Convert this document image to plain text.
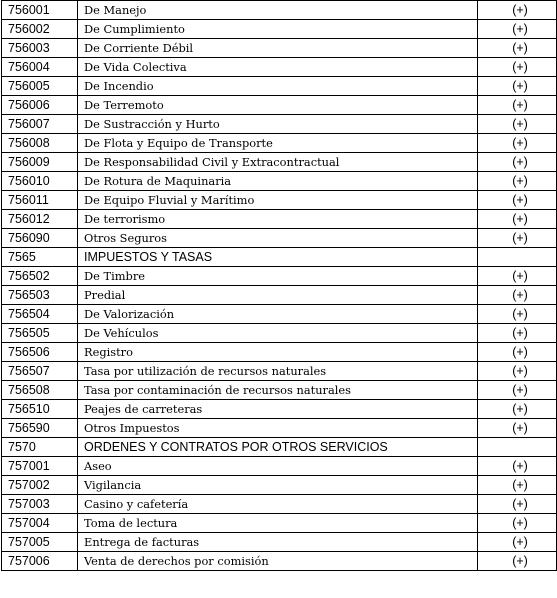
756001	De Manejo	(+)
756002	De Cumplimiento	(+)
756003	De Corriente Débil	(+)
756004	De Vida Colectiva	(+)
756005	De Incendio	(+)
756006	De Terremoto	(+)
756007	De Sustracción y Hurto	(+)
756008	De Flota y Equipo de Transporte	(+)
756009	De Responsabilidad Civil y Extracontractual	(+)
756010	De Rotura de Maquinaria	(+)
756011	De Equipo Fluvial y Marítimo	(+)
756012	De terrorismo	(+)
756090	Otros Seguros	(+)
7565	IMPUESTOS Y TASAS	
756502	De Timbre	(+)
756503	Predial	(+)
756504	De Valorización	(+)
756505	De Vehículos	(+)
756506	Registro	(+)
756507	Tasa por utilización de recursos naturales	(+)
756508	Tasa por contaminación de recursos naturales	(+)
756510	Peajes de carreteras	(+)
756590	Otros Impuestos	(+)
7570	ORDENES Y CONTRATOS POR OTROS SERVICIOS	
757001	Aseo	(+)
757002	Vigilancia	(+)
757003	Casino y cafetería	(+)
757004	Toma de lectura	(+)
757005	Entrega de facturas	(+)
757006	Venta de derechos por comisión	(+)
